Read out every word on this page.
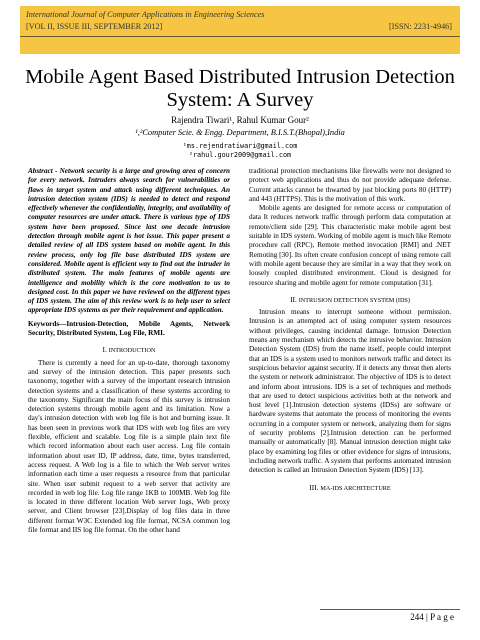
International Journal of Computer Applications in Engineering Sciences
[VOL II, ISSUE III, SEPTEMBER 2012]	[ISSN: 2231-4946]
Mobile Agent Based Distributed Intrusion Detection System: A Survey
Rajendra Tiwari¹, Rahul Kumar Gour²
¹,²Computer Scie. & Engg. Department, B.I.S.T.(Bhopal),India
¹ms.rejendratiwari@gmail.com
²rahul.gour2009@gmail.com
Abstract - Network security is a large and growing area of concern for every network. Intruders always search for vulnerabilities or flaws in target system and attack using different techniques. An intrusion detection system (IDS) is needed to detect and respond effectively whenever the confidentiality, integrity, and availability of computer resources are under attack. There is various type of IDS system have been proposed. Since last one decade intrusion detection through mobile agent is hot issue. This paper present a detailed review of all IDS system based on mobile agent. In this review process, only log file base distributed IDS system are considered. Mobile agent is efficient way to find out the intruder in distributed system. The main features of mobile agents are intelligence and mobility which is the core motivation to us to designed cost. In this paper we have reviewed on the different types of IDS system. The aim of this review work is to help user to select appropriate IDS systems as per their requirement and application.
Keywords—Intrusion-Detection, Mobile Agents, Network Security, Distributed System, Log File, RMI.
I. INTRODUCTION

There is currently a need for an up-to-date, thorough taxonomy and survey of the intrusion detection. This paper presents such taxonomy, together with a survey of the important research intrusion detection systems and a classification of these systems according to the taxonomy. Significant the main focus of this survey is intrusion detection systems through mobile agent and its limitation. Now a day's intrusion detection with web log file is hot and burning issue. It has been seen in previous work that IDS with web log files are very flexible, efficient and scalable. Log file is a simple plain text file which record information about each user access. Log file contain information about user ID, IP address, date, time, bytes transferred, access request. A Web log is a file to which the Web server writes information each time a user requests a resource from that particular site. When user submit request to a web server that activity are recorded in web log file. Log file range 1KB to 100MB. Web log file is located in three different location Web server logs, Web proxy server, and Client browser [23].Display of log files data in three different format W3C Extended log file format, NCSA common log file format and IIS log file format. On the other hand

traditional protection mechanisms like firewalls were not designed to protect web applications and thus do not provide adequate defense. Current attacks cannot be thwarted by just blocking ports 80 (HTTP) and 443 (HTTPS). This is the motivation of this work.

Mobile agents are designed for remote access or computation of data It reduces network traffic through perform data computation at remote/client side [29]. This characteristic make mobile agent best suitable in IDS system. Working of mobile agent is much like Remote procedure call (RPC), Remote method invocation [RMI] and .NET Remoting [30]. Its often create confusion concept of using remote call with mobile agent because they are similar in a way that they work on loosely coupled distributed environment. Cloud is designed for resource sharing and mobile agent for remote computation [31].

II. INTRUSION DETECTION SYSTEM (IDS)

Intrusion means to interrupt someone without permission. Intrusion is an attempted act of using computer system resources without privileges, causing incidental damage. Intrusion Detection means any mechanism which detects the intrusive behavior. Intrusion Detection System (IDS) from the name itself, people could interpret that an IDS is a system used to monitors network traffic and detect its suspicious behavior against security. If it detects any threat then alerts the system or network administrator. The objective of IDS is to detect and inform about intrusions. IDS is a set of techniques and methods that are used to detect suspicious activities both at the network and host level [1].Intrusion detection systems (IDSs) are software or hardware systems that automate the process of monitoring the events occurring in a computer system or network, analyzing them for signs of security problems [2].Intrusion detection can be performed manually or automatically [8]. Manual intrusion detection might take place by examining log files or other evidence for signs of intrusions, including network traffic. A system that performs automated intrusion detection is called an Intrusion Detection System (IDS) [13].

III. MA-IDS ARCHITECTURE
244 | P a g e
